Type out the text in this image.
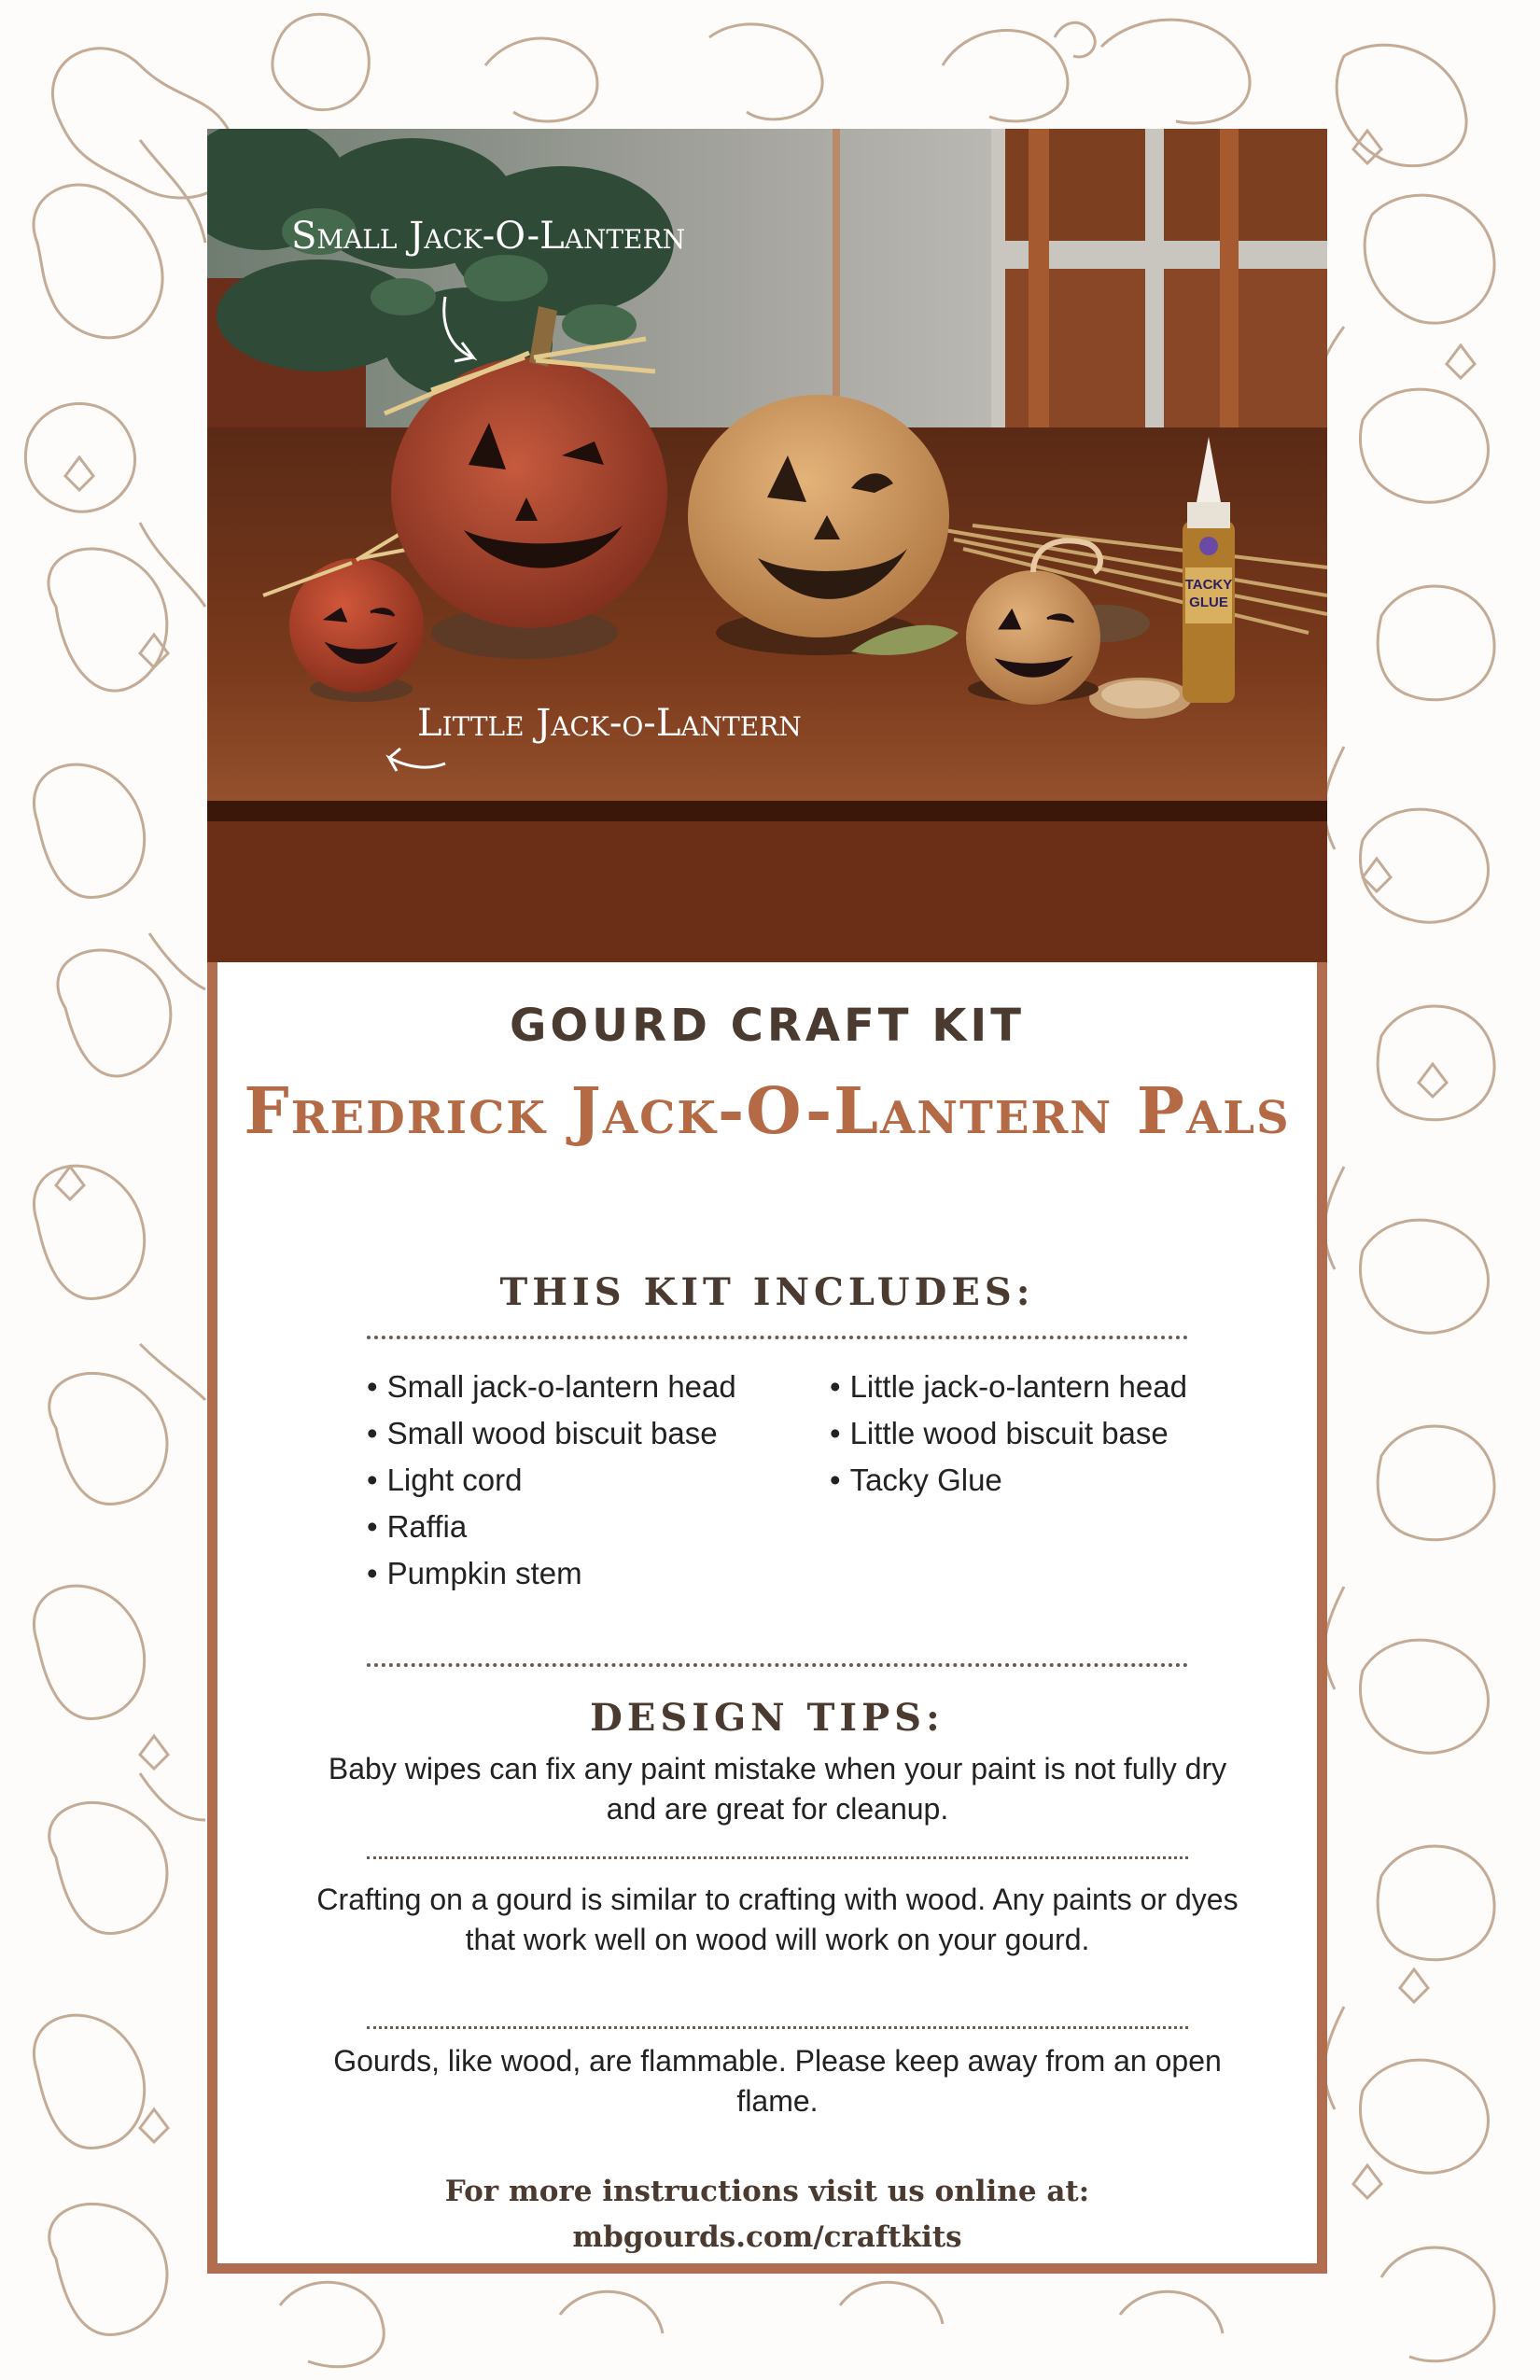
TACKY
GLUE
Small Jack-O-Lantern
Little Jack-o-Lantern
GOURD CRAFT KIT
Fredrick Jack-O-Lantern Pals
THIS KIT INCLUDES:
• Small jack-o-lantern head
• Small wood biscuit base
• Light cord
• Raffia
• Pumpkin stem
• Little jack-o-lantern head
• Little wood biscuit base
• Tacky Glue
DESIGN TIPS:
Baby wipes can fix any paint mistake when your paint is not fully dry and are great for cleanup.
Crafting on a gourd is similar to crafting with wood. Any paints or dyes that work well on wood will work on your gourd.
Gourds, like wood, are flammable. Please keep away from an open flame.
For more instructions visit us online at:
mbgourds.com/craftkits
